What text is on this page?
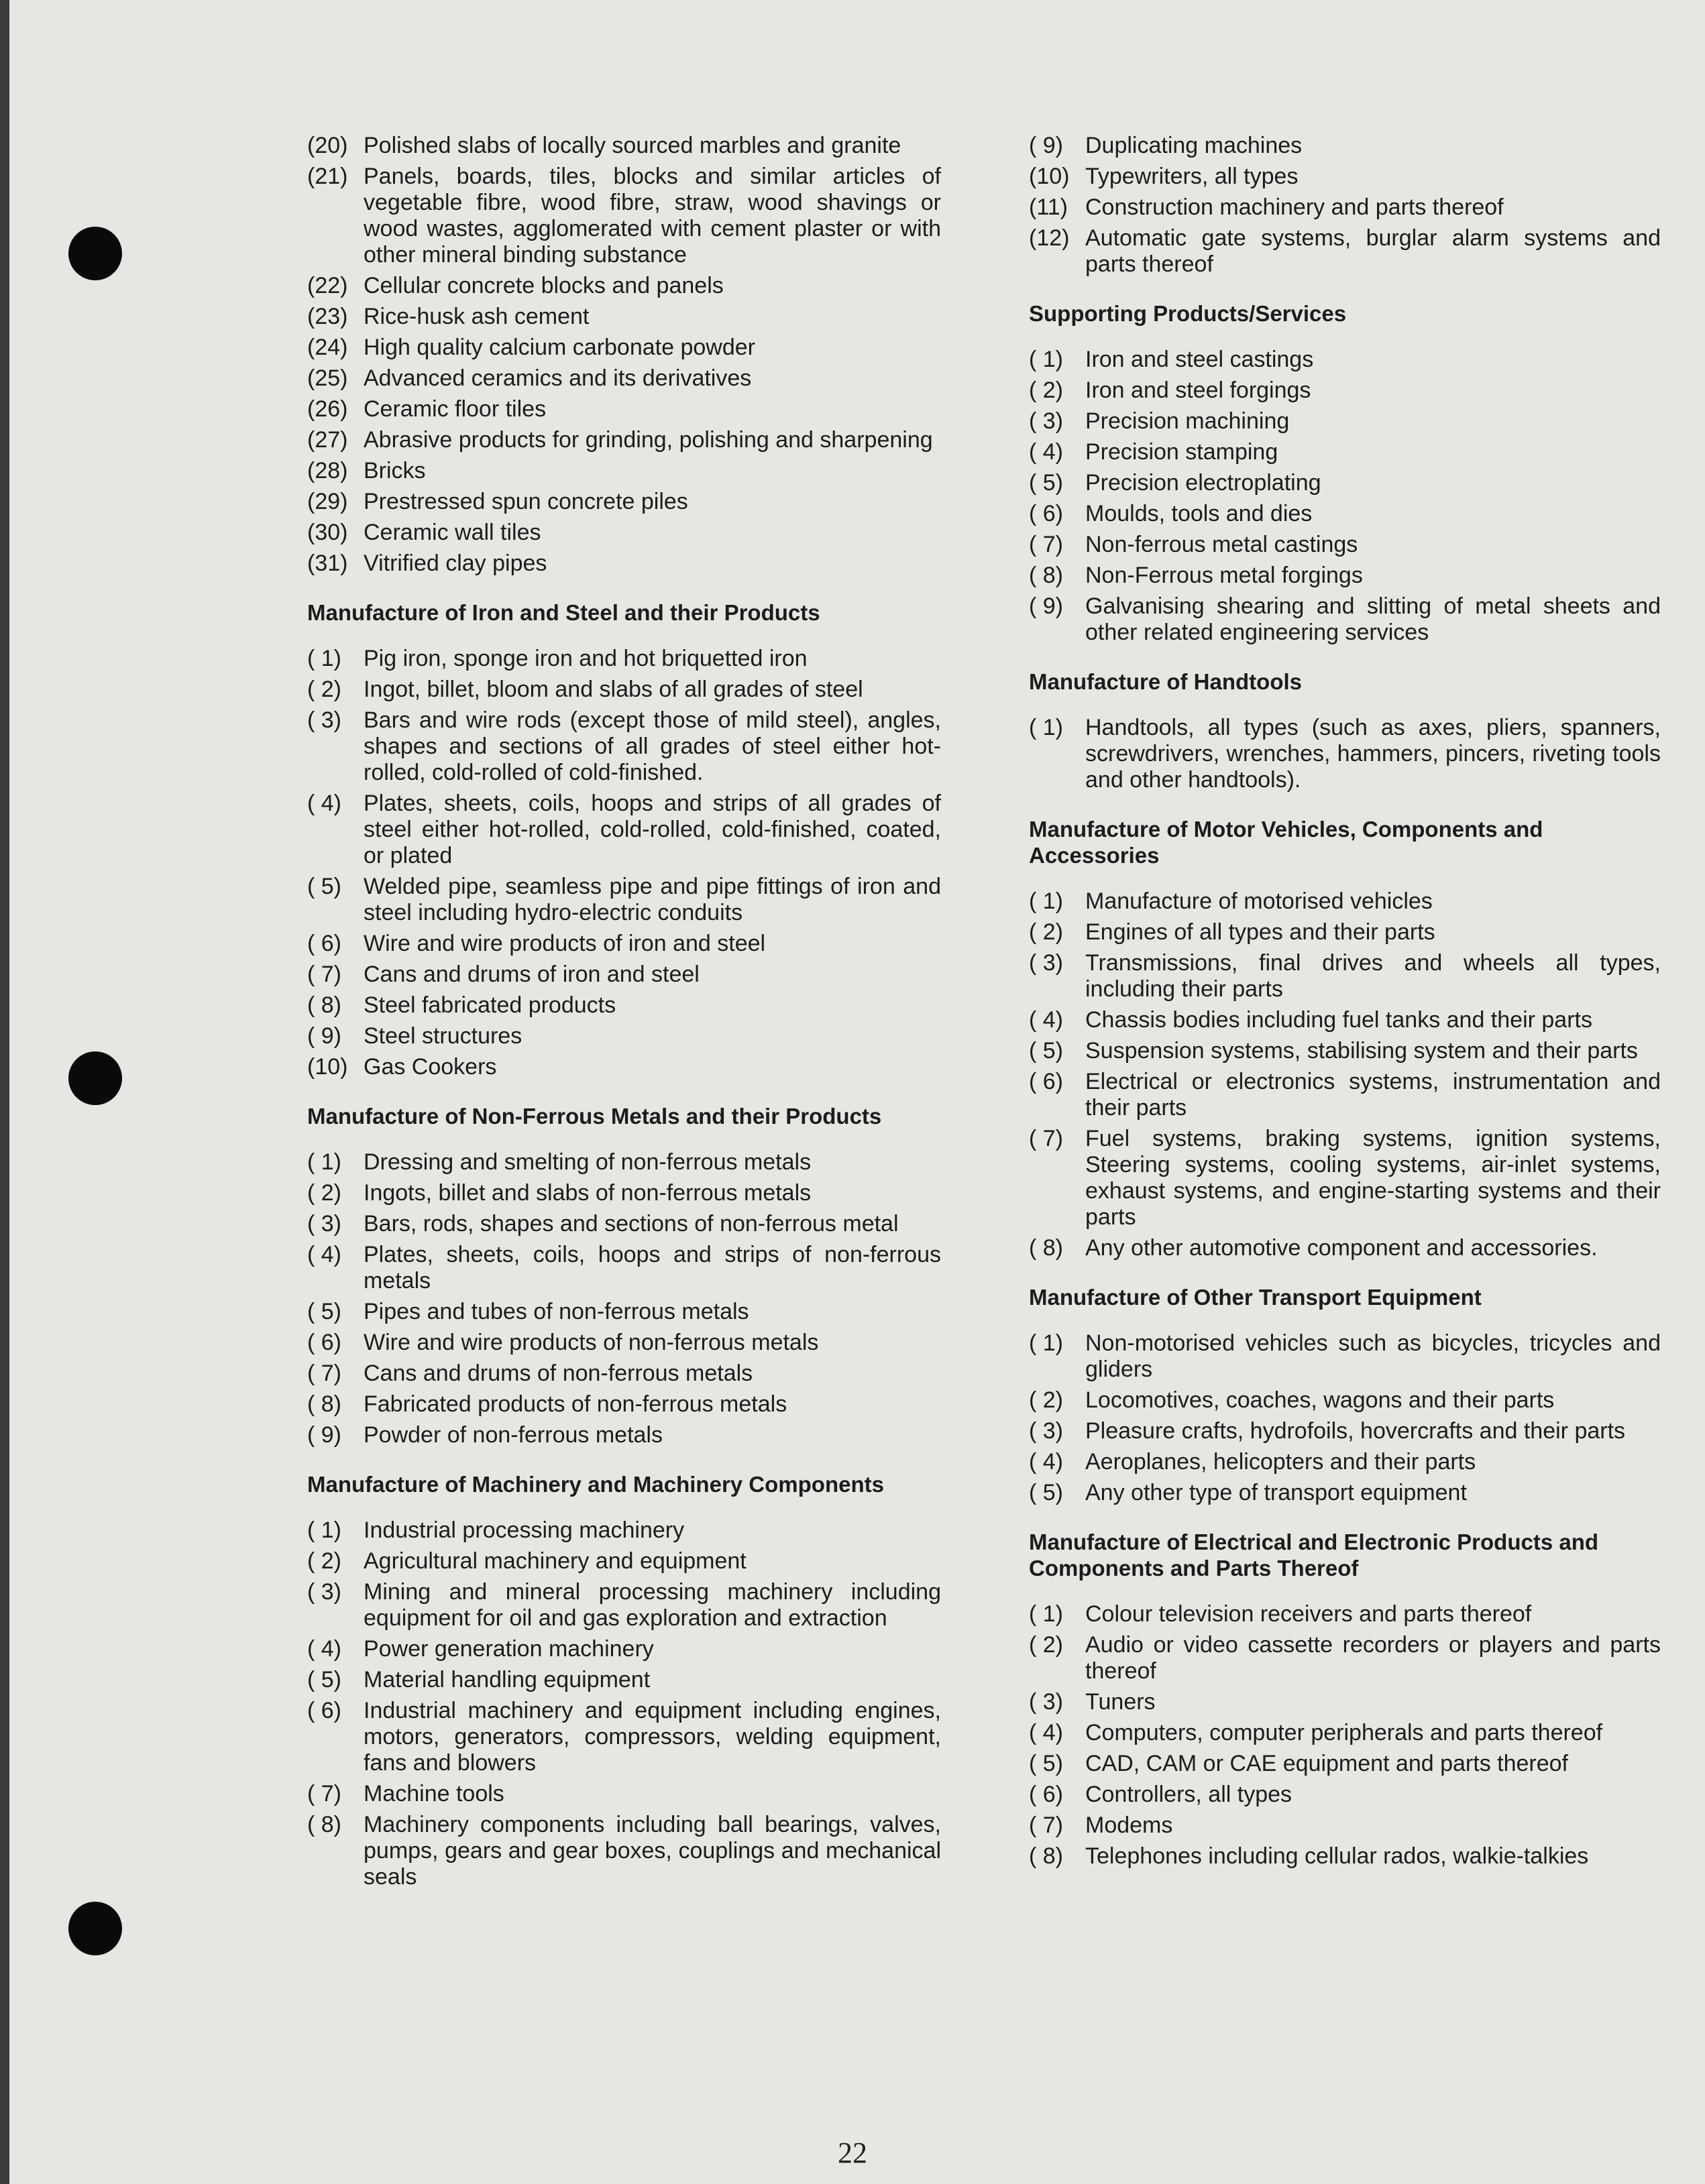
(20) Polished slabs of locally sourced marbles and granite
(21) Panels, boards, tiles, blocks and similar articles of vegetable fibre, wood fibre, straw, wood shavings or wood wastes, agglomerated with cement plaster or with other mineral binding substance
(22) Cellular concrete blocks and panels
(23) Rice-husk ash cement
(24) High quality calcium carbonate powder
(25) Advanced ceramics and its derivatives
(26) Ceramic floor tiles
(27) Abrasive products for grinding, polishing and sharpening
(28) Bricks
(29) Prestressed spun concrete piles
(30) Ceramic wall tiles
(31) Vitrified clay pipes
Manufacture of Iron and Steel and their Products
( 1) Pig iron, sponge iron and hot briquetted iron
( 2) Ingot, billet, bloom and slabs of all grades of steel
( 3) Bars and wire rods (except those of mild steel), angles, shapes and sections of all grades of steel either hot-rolled, cold-rolled of cold-finished.
( 4) Plates, sheets, coils, hoops and strips of all grades of steel either hot-rolled, cold-rolled, cold-finished, coated, or plated
( 5) Welded pipe, seamless pipe and pipe fittings of iron and steel including hydro-electric conduits
( 6) Wire and wire products of iron and steel
( 7) Cans and drums of iron and steel
( 8) Steel fabricated products
( 9) Steel structures
(10) Gas Cookers
Manufacture of Non-Ferrous Metals and their Products
( 1) Dressing and smelting of non-ferrous metals
( 2) Ingots, billet and slabs of non-ferrous metals
( 3) Bars, rods, shapes and sections of non-ferrous metal
( 4) Plates, sheets, coils, hoops and strips of non-ferrous metals
( 5) Pipes and tubes of non-ferrous metals
( 6) Wire and wire products of non-ferrous metals
( 7) Cans and drums of non-ferrous metals
( 8) Fabricated products of non-ferrous metals
( 9) Powder of non-ferrous metals
Manufacture of Machinery and Machinery Components
( 1) Industrial processing machinery
( 2) Agricultural machinery and equipment
( 3) Mining and mineral processing machinery including equipment for oil and gas exploration and extraction
( 4) Power generation machinery
( 5) Material handling equipment
( 6) Industrial machinery and equipment including engines, motors, generators, compressors, welding equipment, fans and blowers
( 7) Machine tools
( 8) Machinery components including ball bearings, valves, pumps, gears and gear boxes, couplings and mechanical seals
( 9) Duplicating machines
(10) Typewriters, all types
(11) Construction machinery and parts thereof
(12) Automatic gate systems, burglar alarm systems and parts thereof
Supporting Products/Services
( 1) Iron and steel castings
( 2) Iron and steel forgings
( 3) Precision machining
( 4) Precision stamping
( 5) Precision electroplating
( 6) Moulds, tools and dies
( 7) Non-ferrous metal castings
( 8) Non-Ferrous metal forgings
( 9) Galvanising shearing and slitting of metal sheets and other related engineering services
Manufacture of Handtools
( 1) Handtools, all types (such as axes, pliers, spanners, screwdrivers, wrenches, hammers, pincers, riveting tools and other handtools).
Manufacture of Motor Vehicles, Components and Accessories
( 1) Manufacture of motorised vehicles
( 2) Engines of all types and their parts
( 3) Transmissions, final drives and wheels all types, including their parts
( 4) Chassis bodies including fuel tanks and their parts
( 5) Suspension systems, stabilising system and their parts
( 6) Electrical or electronics systems, instrumentation and their parts
( 7) Fuel systems, braking systems, ignition systems, Steering systems, cooling systems, air-inlet systems, exhaust systems, and engine-starting systems and their parts
( 8) Any other automotive component and accessories.
Manufacture of Other Transport Equipment
( 1) Non-motorised vehicles such as bicycles, tricycles and gliders
( 2) Locomotives, coaches, wagons and their parts
( 3) Pleasure crafts, hydrofoils, hovercrafts and their parts
( 4) Aeroplanes, helicopters and their parts
( 5) Any other type of transport equipment
Manufacture of Electrical and Electronic Products and Components and Parts Thereof
( 1) Colour television receivers and parts thereof
( 2) Audio or video cassette recorders or players and parts thereof
( 3) Tuners
( 4) Computers, computer peripherals and parts thereof
( 5) CAD, CAM or CAE equipment and parts thereof
( 6) Controllers, all types
( 7) Modems
( 8) Telephones including cellular rados, walkie-talkies
22
